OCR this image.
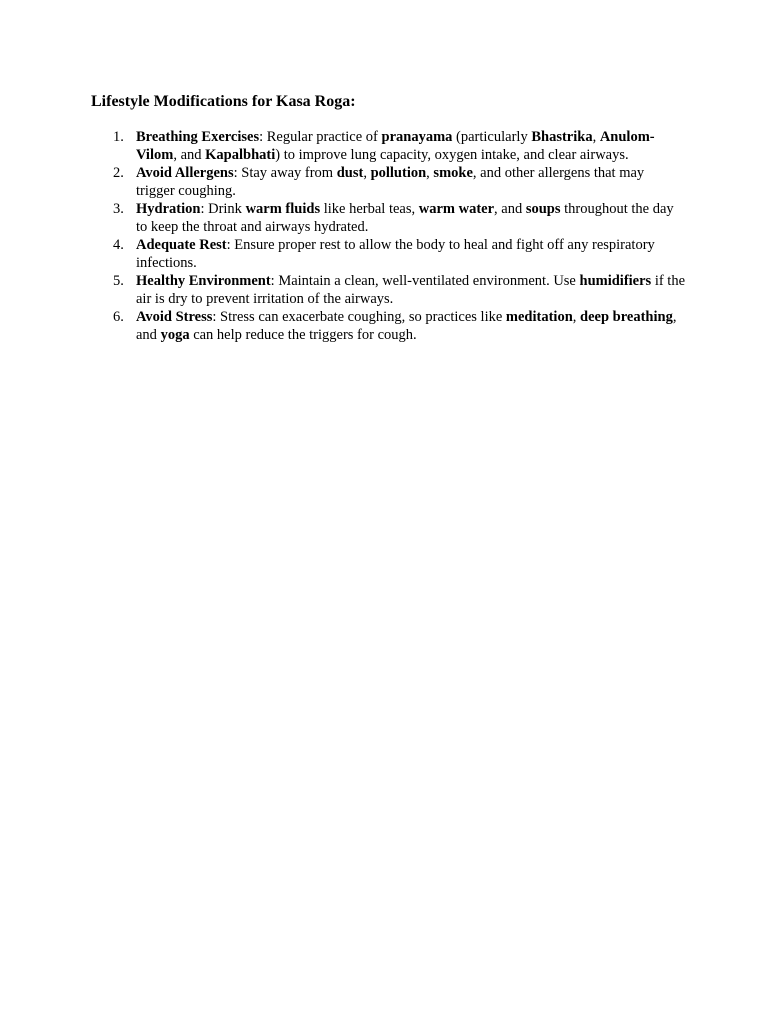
Lifestyle Modifications for Kasa Roga:
1. Breathing Exercises: Regular practice of pranayama (particularly Bhastrika, Anulom-Vilom, and Kapalbhati) to improve lung capacity, oxygen intake, and clear airways.
2. Avoid Allergens: Stay away from dust, pollution, smoke, and other allergens that may trigger coughing.
3. Hydration: Drink warm fluids like herbal teas, warm water, and soups throughout the day to keep the throat and airways hydrated.
4. Adequate Rest: Ensure proper rest to allow the body to heal and fight off any respiratory infections.
5. Healthy Environment: Maintain a clean, well-ventilated environment. Use humidifiers if the air is dry to prevent irritation of the airways.
6. Avoid Stress: Stress can exacerbate coughing, so practices like meditation, deep breathing, and yoga can help reduce the triggers for cough.
